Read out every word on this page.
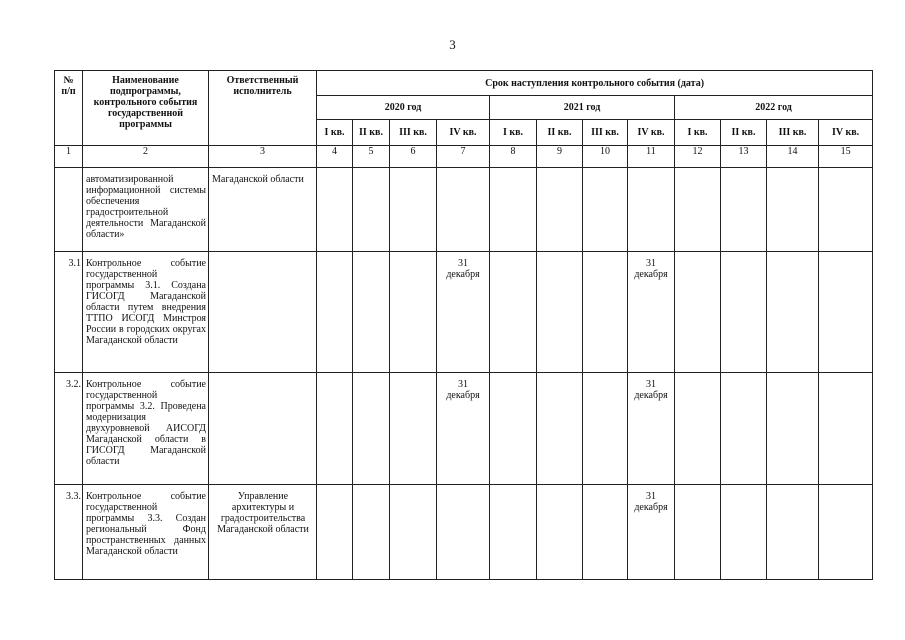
3
№
п/п	Наименование
подпрограммы,
контрольного события
государственной
программы	Ответственный
исполнитель	Срок наступления контрольного события (дата)											
			2020 год				2021 год				2022 год			
			I кв.	II кв.	III кв.	IV кв.	I кв.	II кв.	III кв.	IV кв.	I кв.	II кв.	III кв.	IV кв.
1	2	3	4	5	6	7	8	9	10	11	12	13	14	15
	автоматизированной информационной системы обеспечения градостроительной деятельности Магаданской области»	Магаданской области												
3.1	Контрольное событие государственной программы 3.1. Создана ГИСОГД Магаданской области путем внедрения ТТПО ИСОГД Минстроя России в городских округах Магаданской области					31
декабря				31
декабря				
3.2.	Контрольное событие государственной программы 3.2. Проведена модернизация двухуровневой АИСОГД Магаданской области в ГИСОГД Магаданской области					31
декабря				31
декабря				
3.3.	Контрольное событие государственной программы 3.3. Создан региональный Фонд пространственных данных Магаданской области	Управление архитектуры и градостроительства Магаданской области								31
декабря				
